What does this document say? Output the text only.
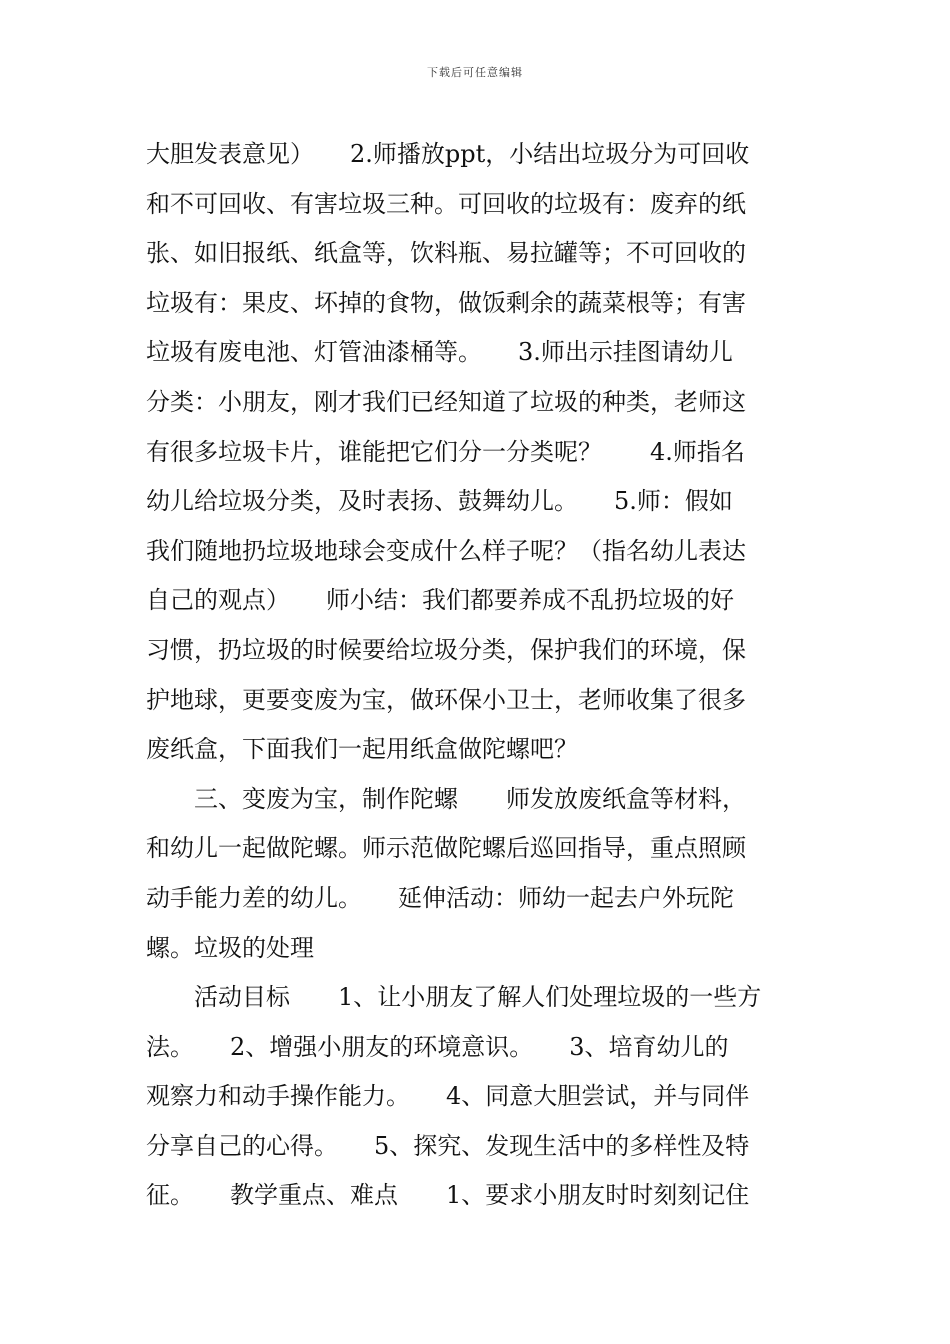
下载后可任意编辑
大胆发表意见）　　2.师播放ppt，小结出垃圾分为可回收
和不可回收、有害垃圾三种。可回收的垃圾有：废弃的纸
张、如旧报纸、纸盒等，饮料瓶、易拉罐等；不可回收的
垃圾有：果皮、坏掉的食物，做饭剩余的蔬菜根等；有害
垃圾有废电池、灯管油漆桶等。　　3.师出示挂图请幼儿
分类：小朋友，刚才我们已经知道了垃圾的种类，老师这
有很多垃圾卡片，谁能把它们分一分类呢？　　4.师指名
幼儿给垃圾分类，及时表扬、鼓舞幼儿。　　5.师：假如
我们随地扔垃圾地球会变成什么样子呢？（指名幼儿表达
自己的观点）　　师小结：我们都要养成不乱扔垃圾的好
习惯，扔垃圾的时候要给垃圾分类，保护我们的环境，保
护地球，更要变废为宝，做环保小卫士，老师收集了很多
废纸盒，下面我们一起用纸盒做陀螺吧？
　　三、变废为宝，制作陀螺　　师发放废纸盒等材料，
和幼儿一起做陀螺。师示范做陀螺后巡回指导，重点照顾
动手能力差的幼儿。　　延伸活动：师幼一起去户外玩陀
螺。垃圾的处理
　　活动目标　　1、让小朋友了解人们处理垃圾的一些方
法。　　2、增强小朋友的环境意识。　　3、培育幼儿的
观察力和动手操作能力。　　4、同意大胆尝试，并与同伴
分享自己的心得。　　5、探究、发现生活中的多样性及特
征。　　教学重点、难点　　1、要求小朋友时时刻刻记住
